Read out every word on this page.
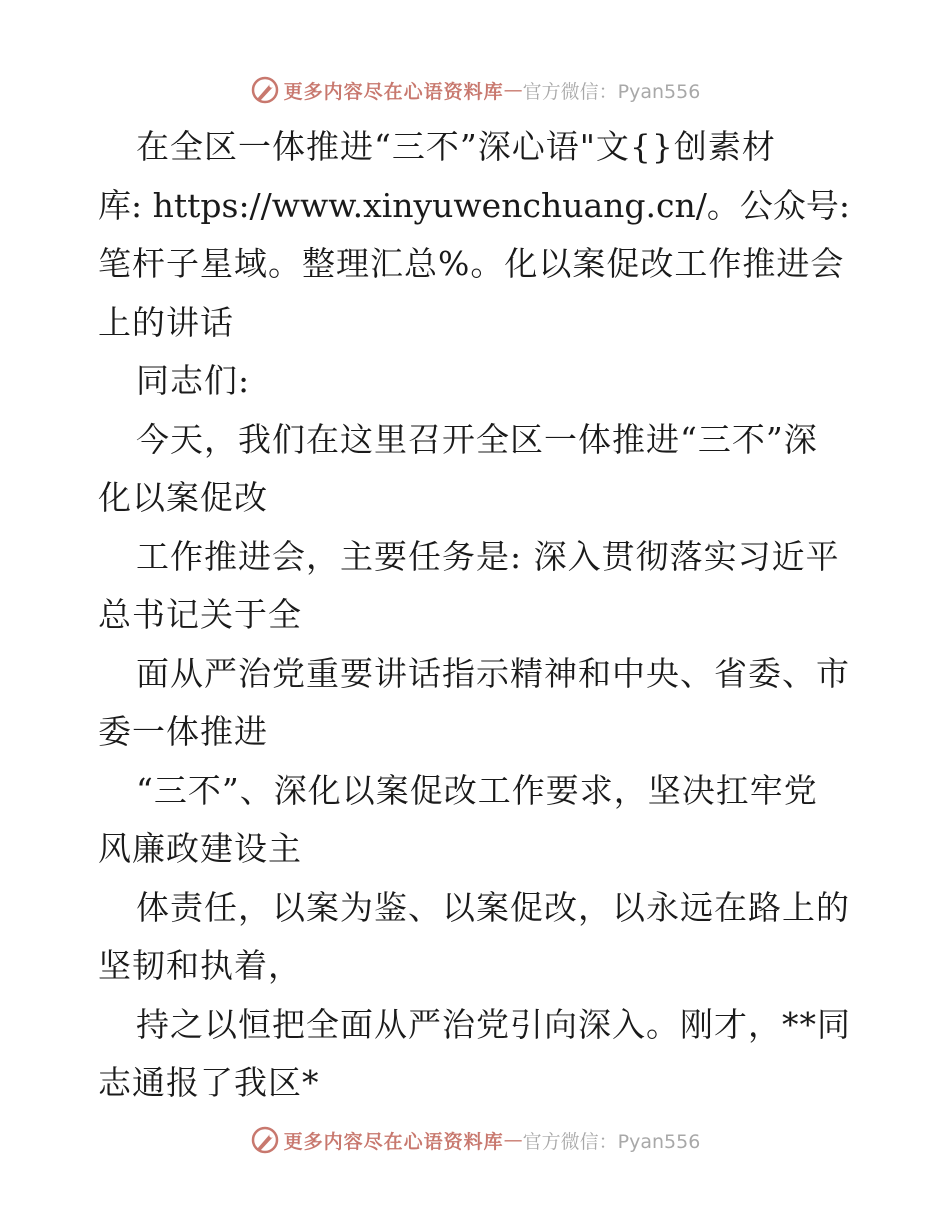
更多内容尽在心语资料库 — 官方微信：Pyan556
在全区一体推进“三不”深心语"文{}创素材
库: https://www.xinyuwenchuang.cn/。公众号:
笔杆子星域。整理汇总%。化以案促改工作推进会
上的讲话
同志们:
今天，我们在这里召开全区一体推进“三不”深
化以案促改
工作推进会，主要任务是: 深入贯彻落实习近平
总书记关于全
面从严治党重要讲话指示精神和中央、省委、市
委一体推进
“三不”、深化以案促改工作要求，坚决扛牢党
风廉政建设主
体责任，以案为鉴、以案促改，以永远在路上的
坚韧和执着，
持之以恒把全面从严治党引向深入。刚才，**同
志通报了我区*
更多内容尽在心语资料库 — 官方微信：Pyan556
